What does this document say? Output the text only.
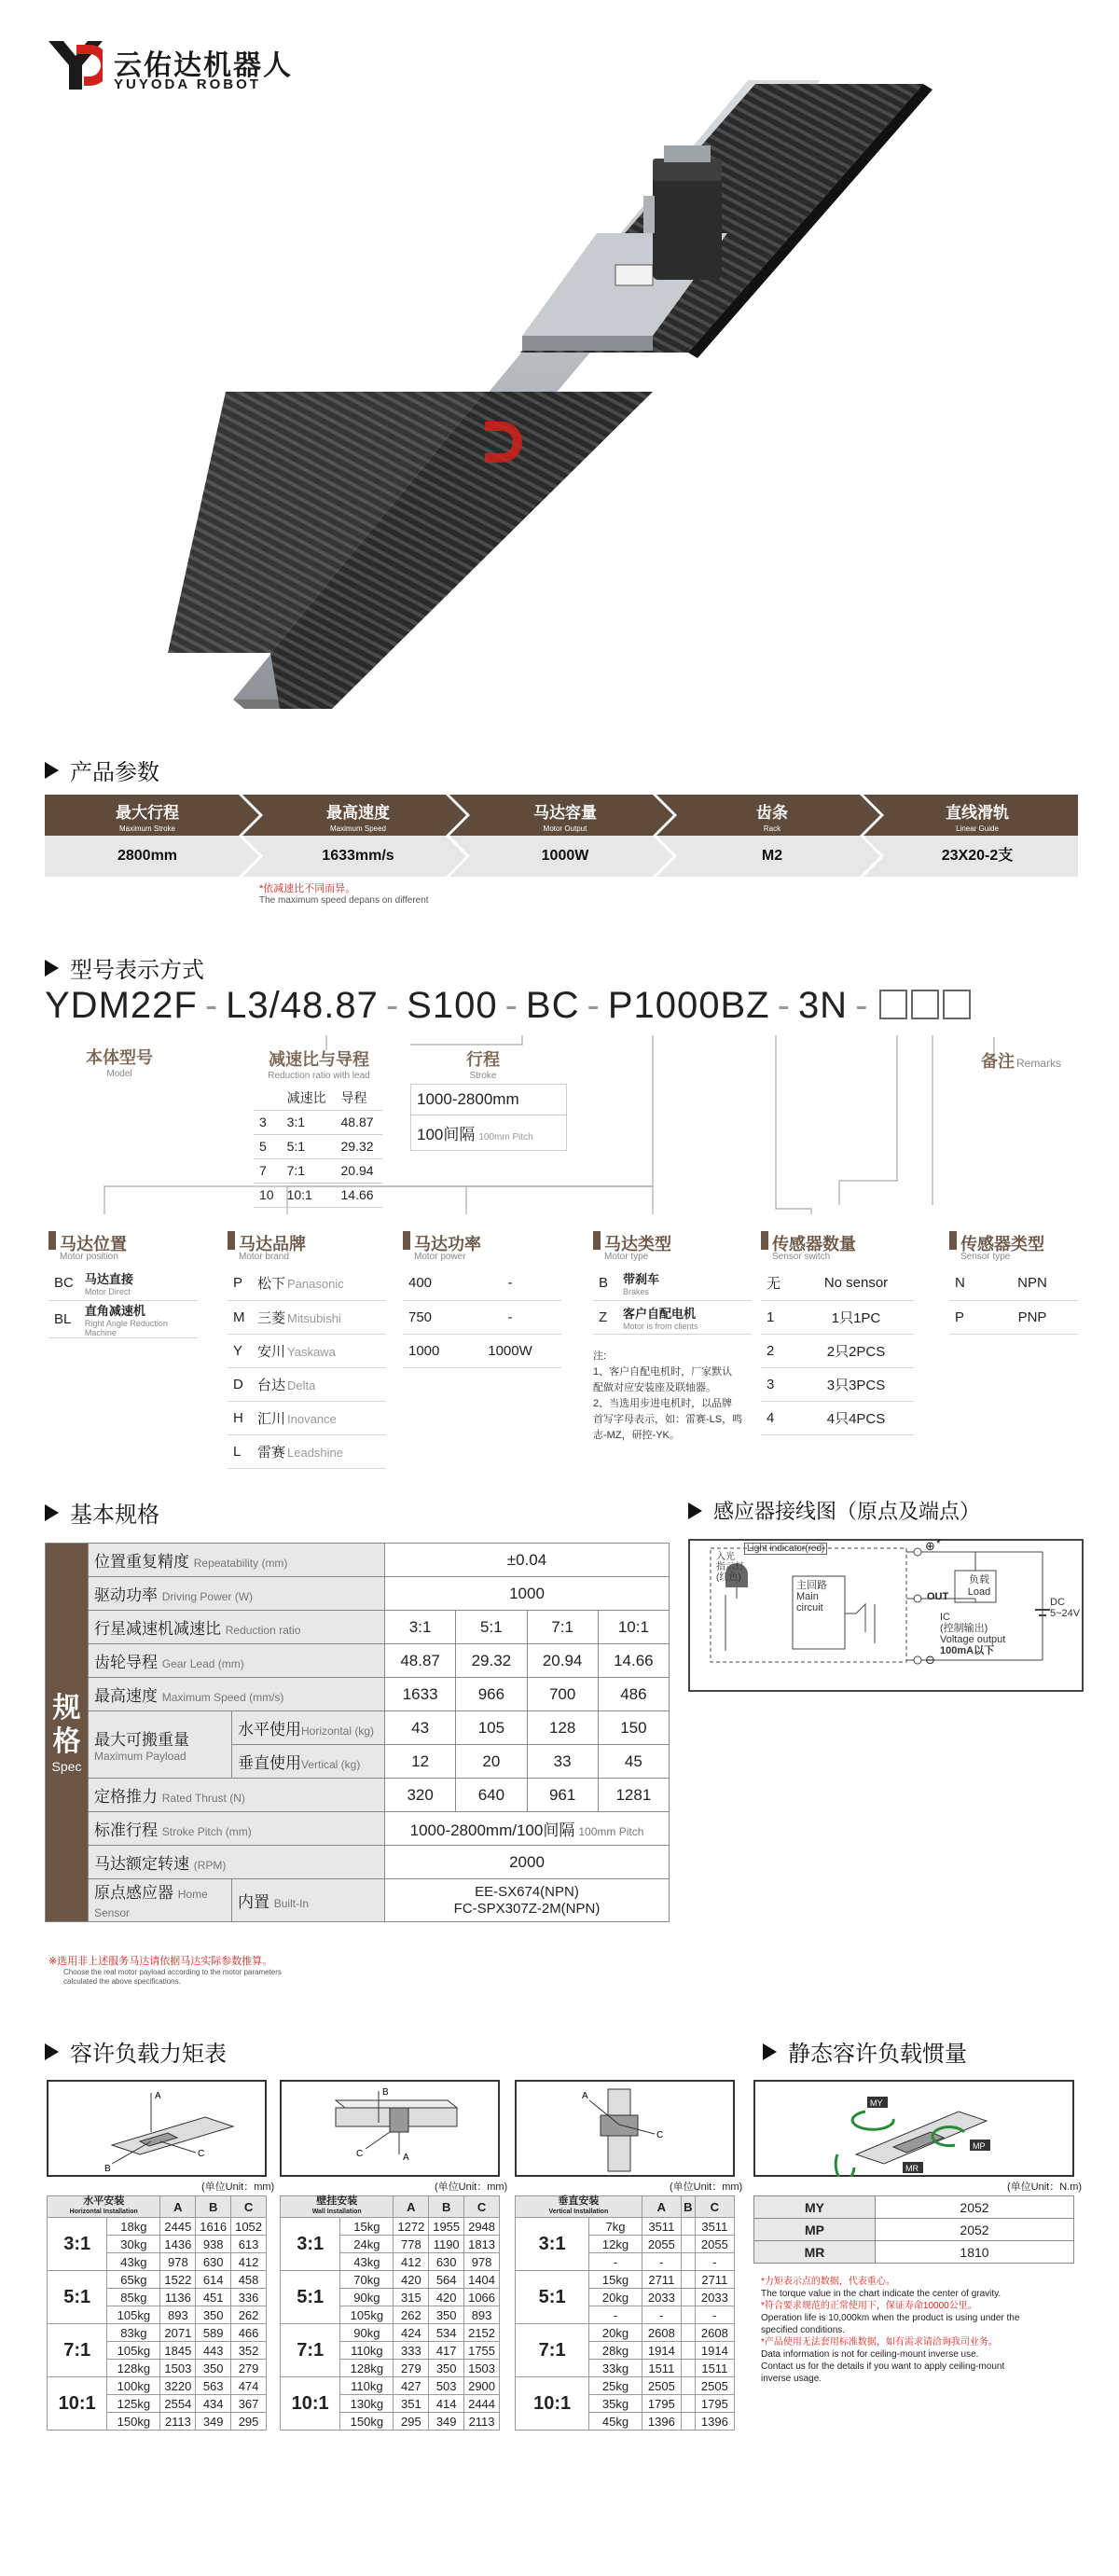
云佑达机器人
YUYODA ROBOT
产品参数
最大行程
Maximum Stroke
2800mm
最高速度
Maximum Speed
1633mm/s
马达容量
Motor Output
1000W
齿条
Rack
M2
直线滑轨
Linear Guide
23X20-2支
*依减速比不同而异。
The maximum speed depans on different
型号表示方式
YDM22F - L3/48.87 - S100 - BC - P1000BZ - 3N -
本体型号
Model
减速比与导程
Reduction ratio with lead
	减速比	导程
3	3:1	48.87
5	5:1	29.32
7	7:1	20.94
10	10:1	14.66
行程
Stroke
1000-2800mm
100间隔 100mm Pitch
备注 Remarks
马达位置
Motor position
BC	马达直接
Motor Direct

BL	直角减速机
Right Angle Reduction Machine
马达品牌
Motor brand
P	松下 Panasonic
M	三菱 Mitsubishi
Y	安川 Yaskawa
D	台达 Delta
H	汇川 Inovance
L	雷赛 Leadshine
马达功率
Motor power
400	-
750	-
1000	1000W
马达类型
Motor type
B	带刹车
Brakes

Z	客户自配电机
Motor is from clients
注:
1、客户自配电机时，厂家默认
配做对应安装座及联轴器。
2、当选用步进电机时，以品牌
首写字母表示，如：雷赛-LS，鸣
志-MZ，研控-YK。
传感器数量
Sensor switch
无	No sensor
1	1只1PC
2	2只2PCS
3	3只3PCS
4	4只4PCS
传感器类型
Sensor type
N	NPN
P	PNP
基本规格
规格
Spec	位置重复精度 Repeatability (mm)		±0.04			
	驱动功率 Driving Power (W)		1000			
	行星减速机减速比 Reduction ratio		3:1	5:1	7:1	10:1
	齿轮导程 Gear Lead (mm)		48.87	29.32	20.94	14.66
	最高速度 Maximum Speed (mm/s)		1633	966	700	486

	最大可搬重量
Maximum Payload	水平使用Horizontal (kg)	43	105	128	150
		垂直使用Vertical (kg)	12	20	33	45
	定格推力 Rated Thrust (N)		320	640	961	1281
	标准行程 Stroke Pitch (mm)		1000-2800mm/100间隔 100mm Pitch			
	马达额定转速 (RPM)		2000			
	原点感应器 Home Sensor	内置 Built-In	EE-SX674(NPN)
FC-SPX307Z-2M(NPN)			
※选用非上述服务马达请依据马达实际参数推算。
Choose the real motor payload according to the motor parameters
calculated the above specifications.
感应器接线图（原点及端点）
Light indicator(red)
入光
指示灯
(红色)
主回路
Main
circuit
负载
Load
⊕ *
OUT
⊖
IC
(控制输出)
Voltage output
100mA以下
DC
5~24V
容许负载力矩表	静态容许负载惯量
A
C
B
B
A
C
A
C
MY
MR
MP
(单位Unit：mm)	(单位Unit：mm)	(单位Unit：mm)	(单位Unit：N.m)
水平安装
Horizontal Installation		A	B	C
3:1	18kg	2445	1616	1052
	30kg	1436	938	613
	43kg	978	630	412
5:1	65kg	1522	614	458
	85kg	1136	451	336
	105kg	893	350	262
7:1	83kg	2071	589	466
	105kg	1845	443	352
	128kg	1503	350	279
10:1	100kg	3220	563	474
	125kg	2554	434	367
	150kg	2113	349	295
壁挂安装
Wall Installation		A	B	C
3:1	15kg	1272	1955	2948
	24kg	778	1190	1813
	43kg	412	630	978
5:1	70kg	420	564	1404
	90kg	315	420	1066
	105kg	262	350	893
7:1	90kg	424	534	2152
	110kg	333	417	1755
	128kg	279	350	1503
10:1	110kg	427	503	2900
	130kg	351	414	2444
	150kg	295	349	2113
垂直安装
Vertical Installation		A	B	C
3:1	7kg	3511		3511
	12kg	2055		2055
	-	-		-
5:1	15kg	2711		2711
	20kg	2033		2033
	-	-		-
7:1	20kg	2608		2608
	28kg	1914		1914
	33kg	1511		1511
10:1	25kg	2505		2505
	35kg	1795		1795
	45kg	1396		1396
MY	2052
MP	2052
MR	1810
*力矩表示点的数据，代表重心。
The torque value in the chart indicate the center of gravity.
*符合要求规范的正常使用下，保证寿命10000公里。
Operation life is 10,000km when the product is using under the
specified conditions.
*产品使用无法套用标准数据，如有需求请洽询我司业务。
Data information is not for ceiling-mount inverse use.
Contact us for the details if you want to apply ceiling-mount
inverse usage.
